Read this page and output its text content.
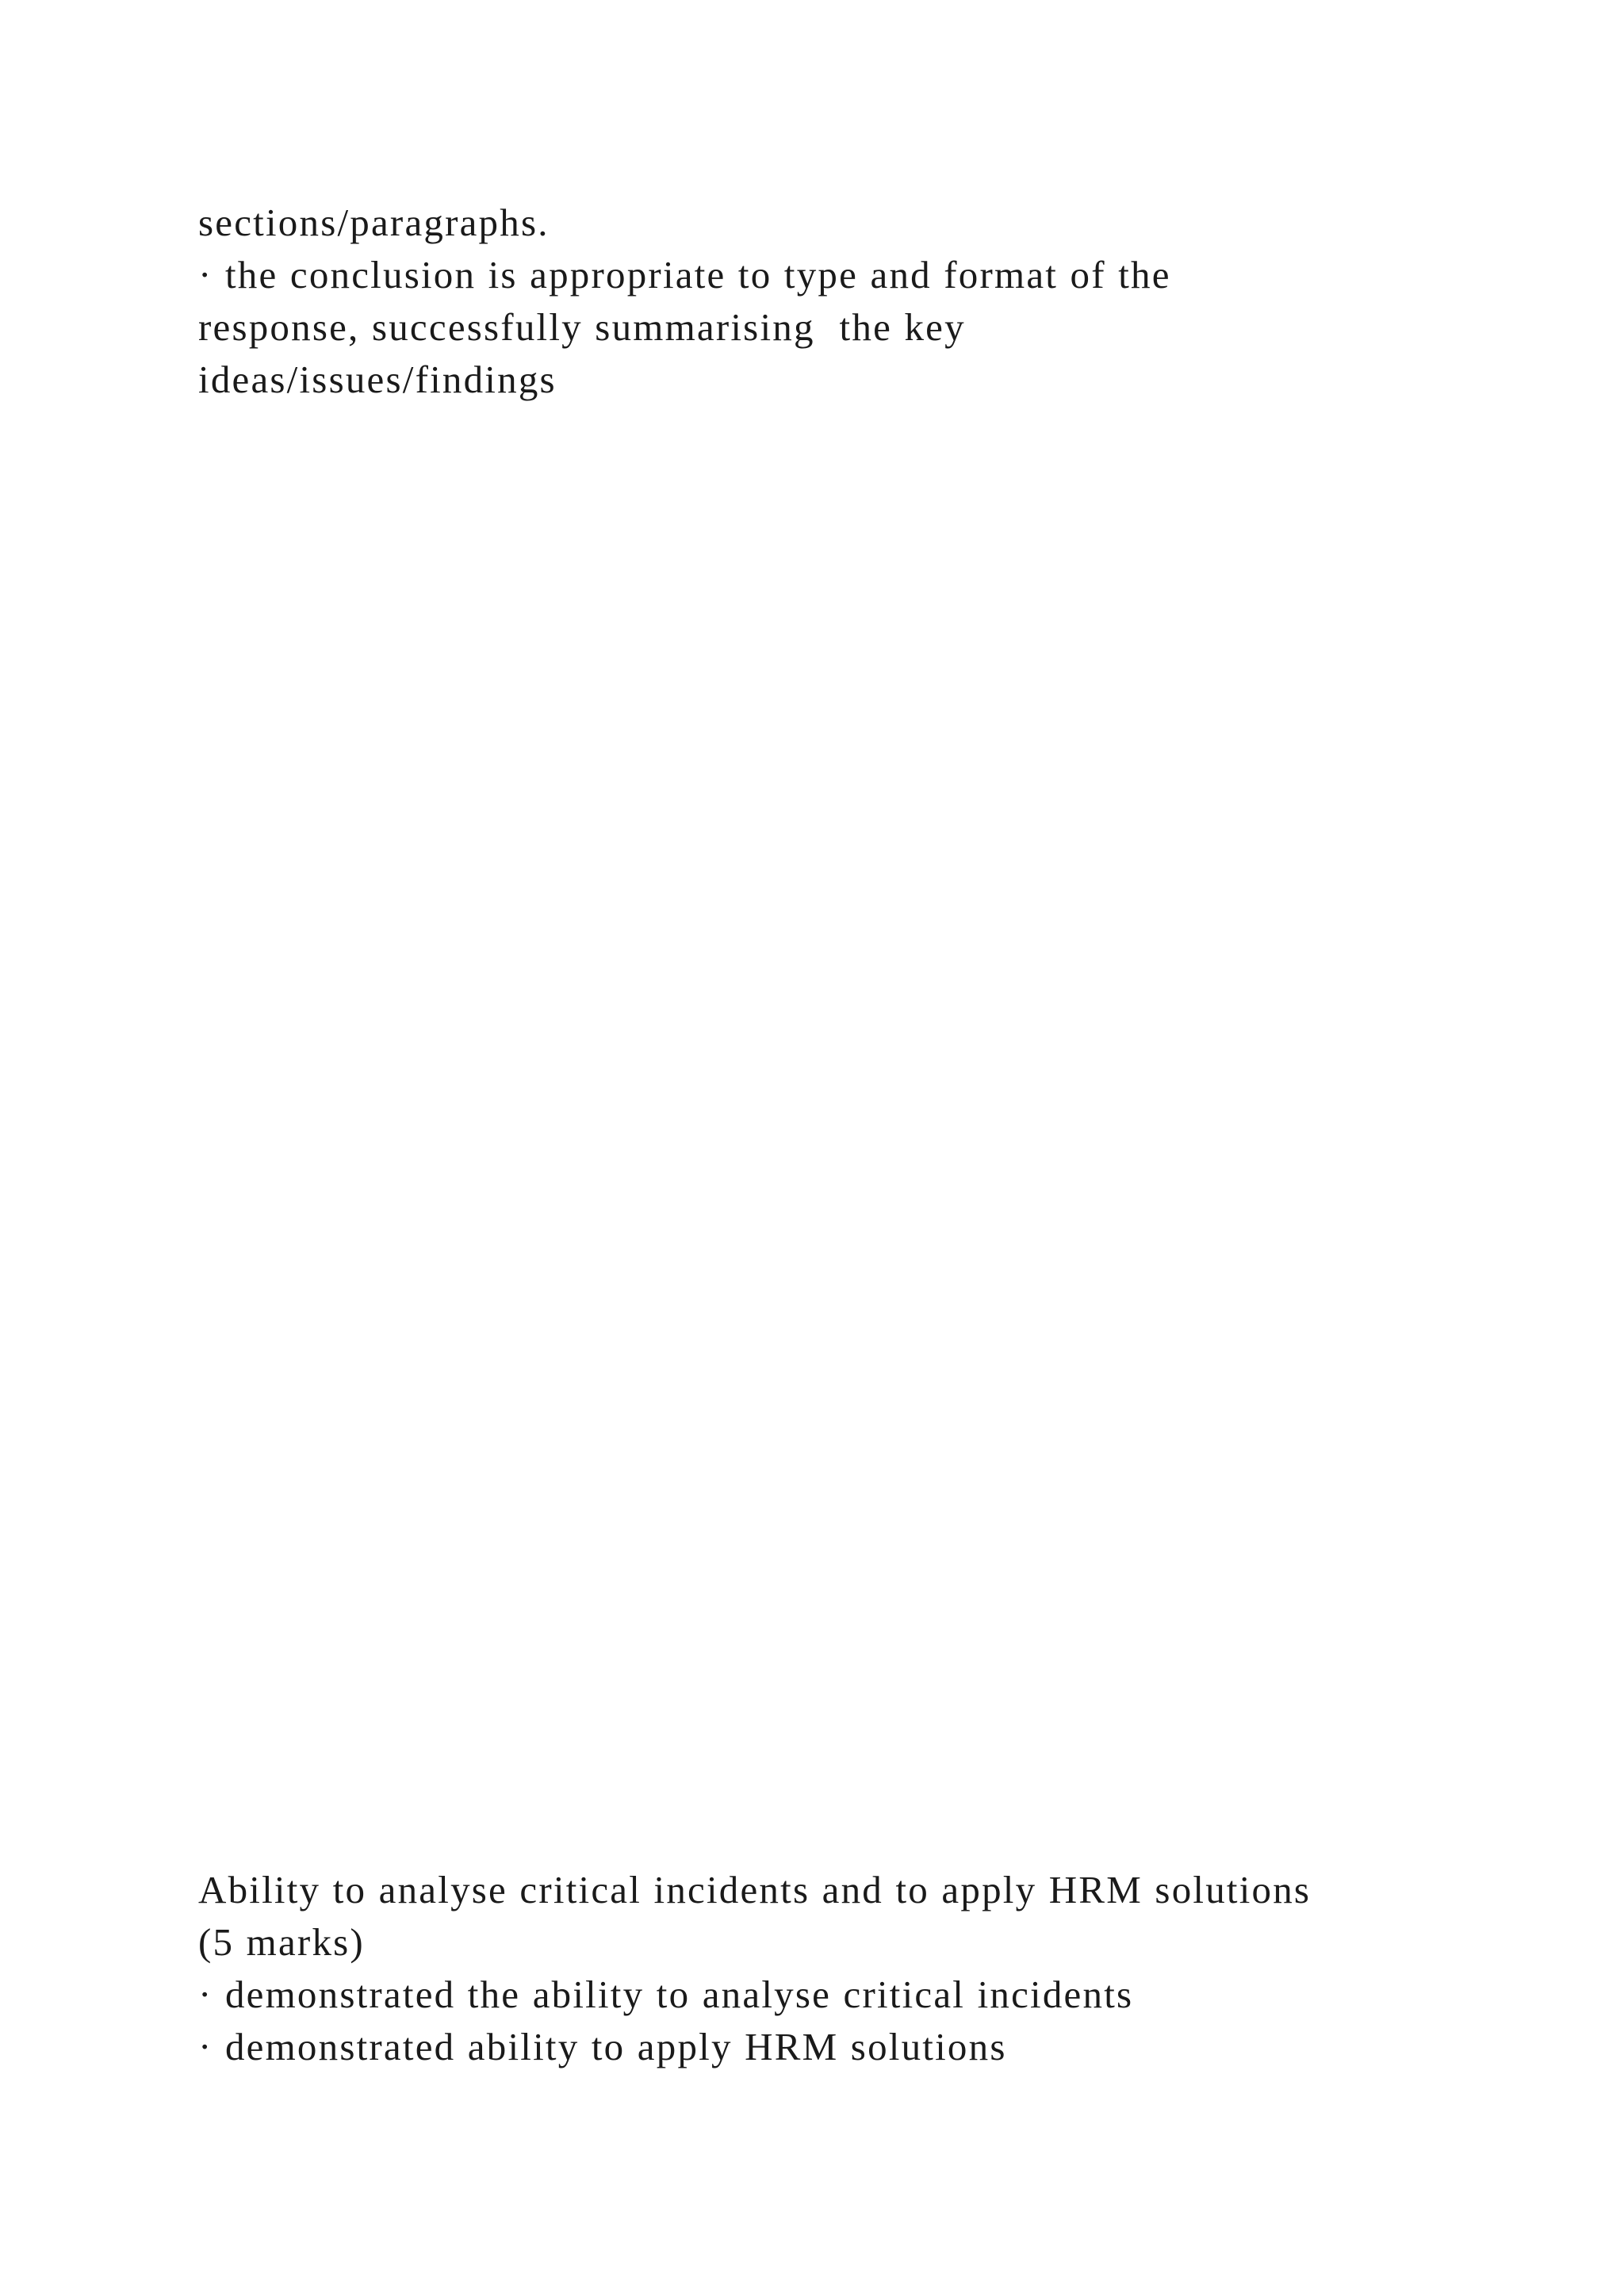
sections/paragraphs.
· the conclusion is appropriate to type and format of the
response, successfully summarising  the key
ideas/issues/findings
Ability to analyse critical incidents and to apply HRM solutions
(5 marks)
· demonstrated the ability to analyse critical incidents
· demonstrated ability to apply HRM solutions
